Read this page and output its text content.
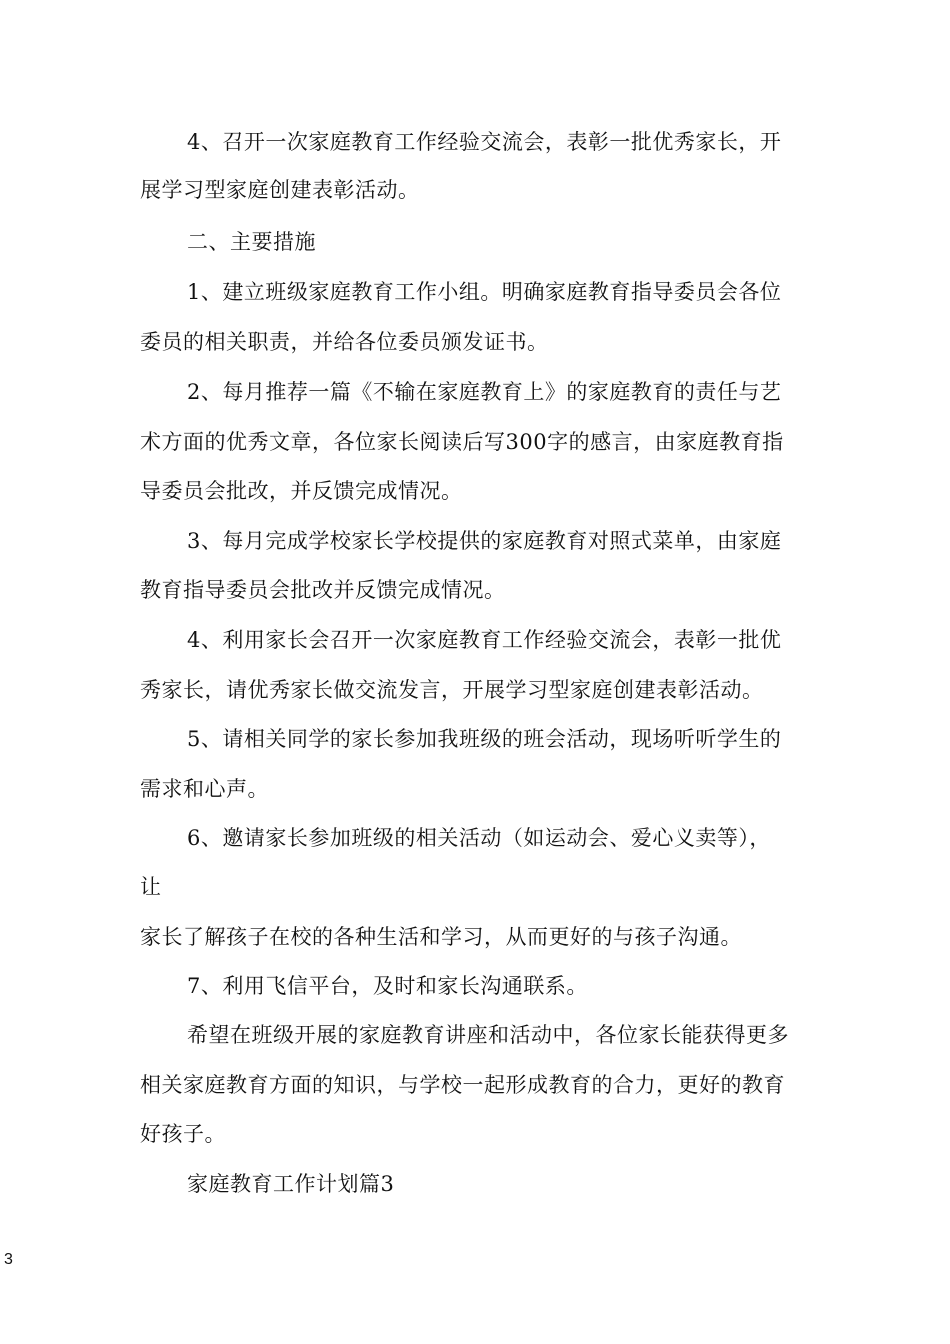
4、召开一次家庭教育工作经验交流会，表彰一批优秀家长，开
展学习型家庭创建表彰活动。
二、主要措施
1、建立班级家庭教育工作小组。明确家庭教育指导委员会各位
委员的相关职责，并给各位委员颁发证书。
2、每月推荐一篇《不输在家庭教育上》的家庭教育的责任与艺
术方面的优秀文章，各位家长阅读后写300字的感言，由家庭教育指
导委员会批改，并反馈完成情况。
3、每月完成学校家长学校提供的家庭教育对照式菜单，由家庭
教育指导委员会批改并反馈完成情况。
4、利用家长会召开一次家庭教育工作经验交流会，表彰一批优
秀家长，请优秀家长做交流发言，开展学习型家庭创建表彰活动。
5、请相关同学的家长参加我班级的班会活动，现场听听学生的
需求和心声。
6、邀请家长参加班级的相关活动（如运动会、爱心义卖等），
让
家长了解孩子在校的各种生活和学习，从而更好的与孩子沟通。
7、利用飞信平台，及时和家长沟通联系。
希望在班级开展的家庭教育讲座和活动中，各位家长能获得更多
相关家庭教育方面的知识，与学校一起形成教育的合力，更好的教育
好孩子。
家庭教育工作计划篇3
3
